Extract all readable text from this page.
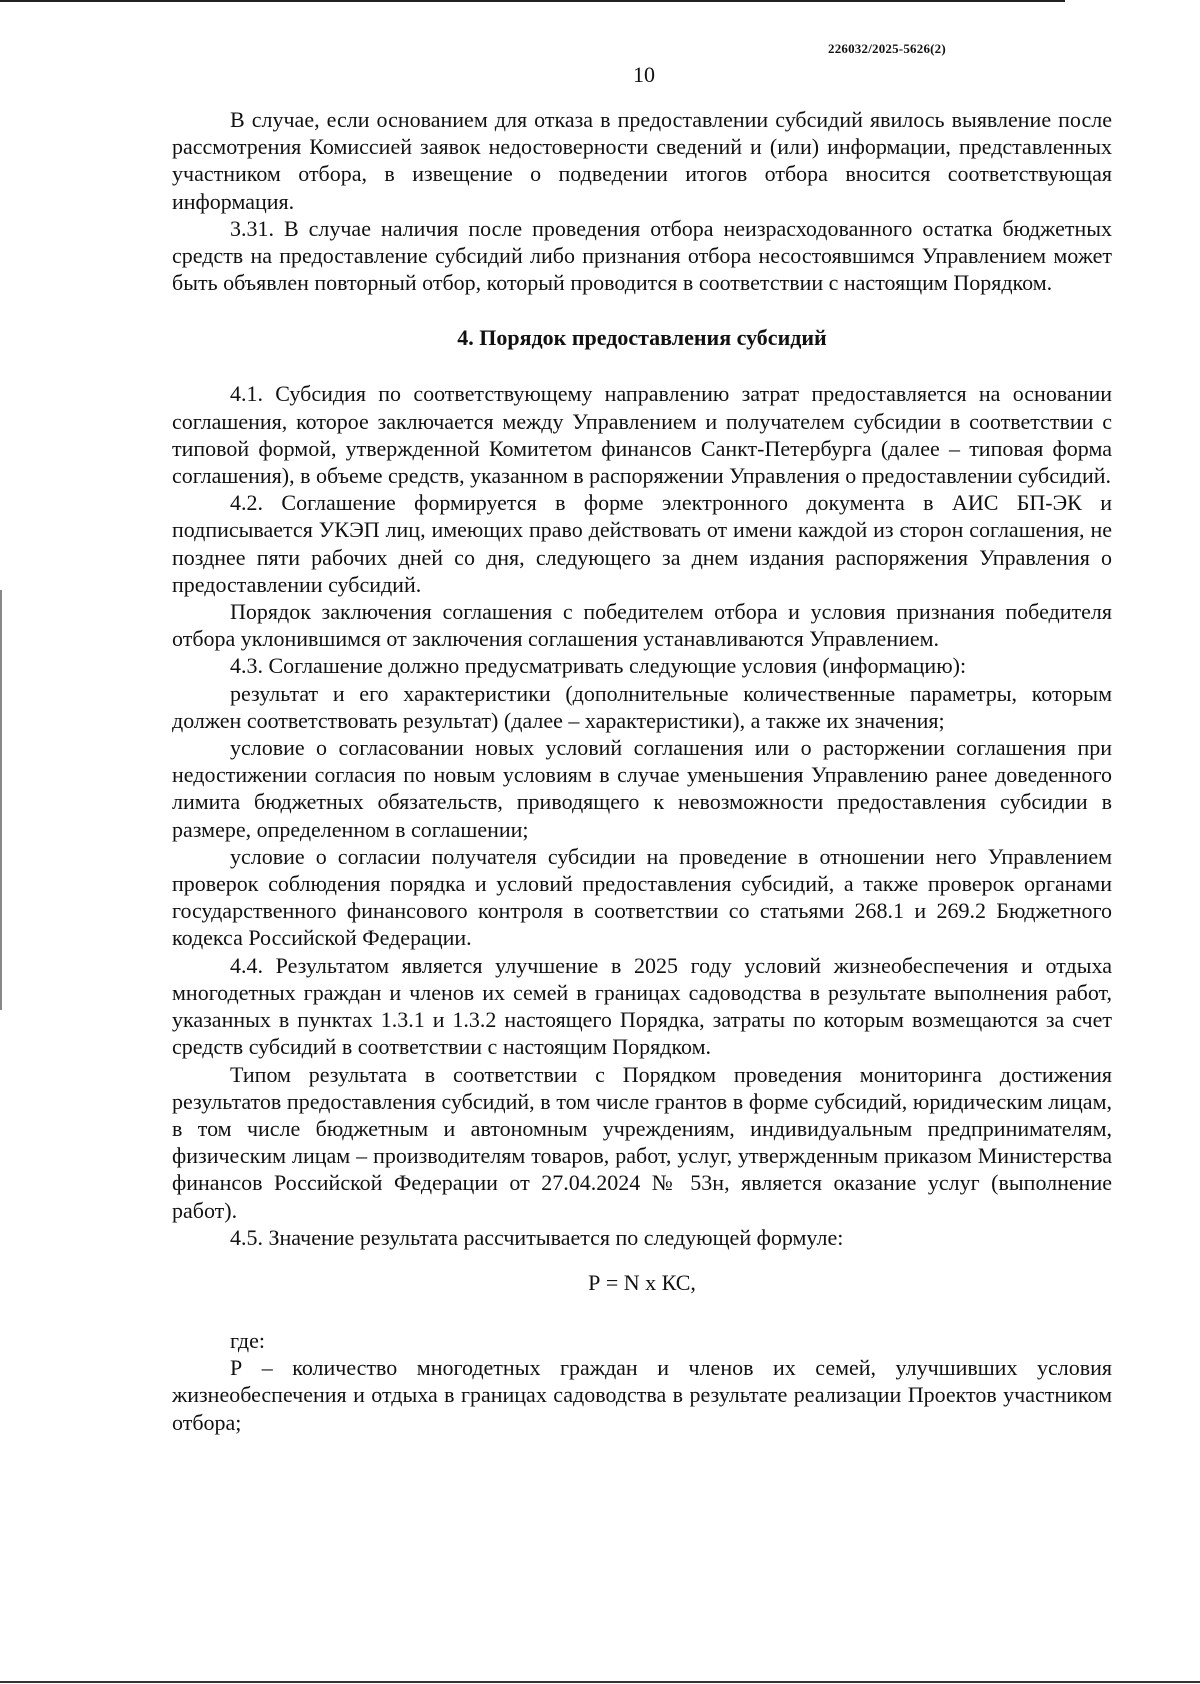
226032/2025-5626(2)
10

В случае, если основанием для отказа в предоставлении субсидий явилось выявление после рассмотрения Комиссией заявок недостоверности сведений и (или) информации, представленных участником отбора, в извещение о подведении итогов отбора вносится соответствующая информация.

3.31. В случае наличия после проведения отбора неизрасходованного остатка бюджетных средств на предоставление субсидий либо признания отбора несостоявшимся Управлением может быть объявлен повторный отбор, который проводится в соответствии с настоящим Порядком.

4. Порядок предоставления субсидий

4.1. Субсидия по соответствующему направлению затрат предоставляется на основании соглашения, которое заключается между Управлением и получателем субсидии в соответствии с типовой формой, утвержденной Комитетом финансов Санкт-Петербурга (далее – типовая форма соглашения), в объеме средств, указанном в распоряжении Управления о предоставлении субсидий.

4.2. Соглашение формируется в форме электронного документа в АИС БП-ЭК и подписывается УКЭП лиц, имеющих право действовать от имени каждой из сторон соглашения, не позднее пяти рабочих дней со дня, следующего за днем издания распоряжения Управления о предоставлении субсидий.

Порядок заключения соглашения с победителем отбора и условия признания победителя отбора уклонившимся от заключения соглашения устанавливаются Управлением.

4.3. Соглашение должно предусматривать следующие условия (информацию):

результат и его характеристики (дополнительные количественные параметры, которым должен соответствовать результат) (далее – характеристики), а также их значения;

условие о согласовании новых условий соглашения или о расторжении соглашения при недостижении согласия по новым условиям в случае уменьшения Управлению ранее доведенного лимита бюджетных обязательств, приводящего к невозможности предоставления субсидии в размере, определенном в соглашении;

условие о согласии получателя субсидии на проведение в отношении него Управлением проверок соблюдения порядка и условий предоставления субсидий, а также проверок органами государственного финансового контроля в соответствии со статьями 268.1 и 269.2 Бюджетного кодекса Российской Федерации.

4.4. Результатом является улучшение в 2025 году условий жизнеобеспечения и отдыха многодетных граждан и членов их семей в границах садоводства в результате выполнения работ, указанных в пунктах 1.3.1 и 1.3.2 настоящего Порядка, затраты по которым возмещаются за счет средств субсидий в соответствии с настоящим Порядком.

Типом результата в соответствии с Порядком проведения мониторинга достижения результатов предоставления субсидий, в том числе грантов в форме субсидий, юридическим лицам, в том числе бюджетным и автономным учреждениям, индивидуальным предпринимателям, физическим лицам – производителям товаров, работ, услуг, утвержденным приказом Министерства финансов Российской Федерации от 27.04.2024 № 53н, является оказание услуг (выполнение работ).

4.5. Значение результата рассчитывается по следующей формуле:

Р = N x КС,

где:

Р – количество многодетных граждан и членов их семей, улучшивших условия жизнеобеспечения и отдыха в границах садоводства в результате реализации Проектов участником отбора;
